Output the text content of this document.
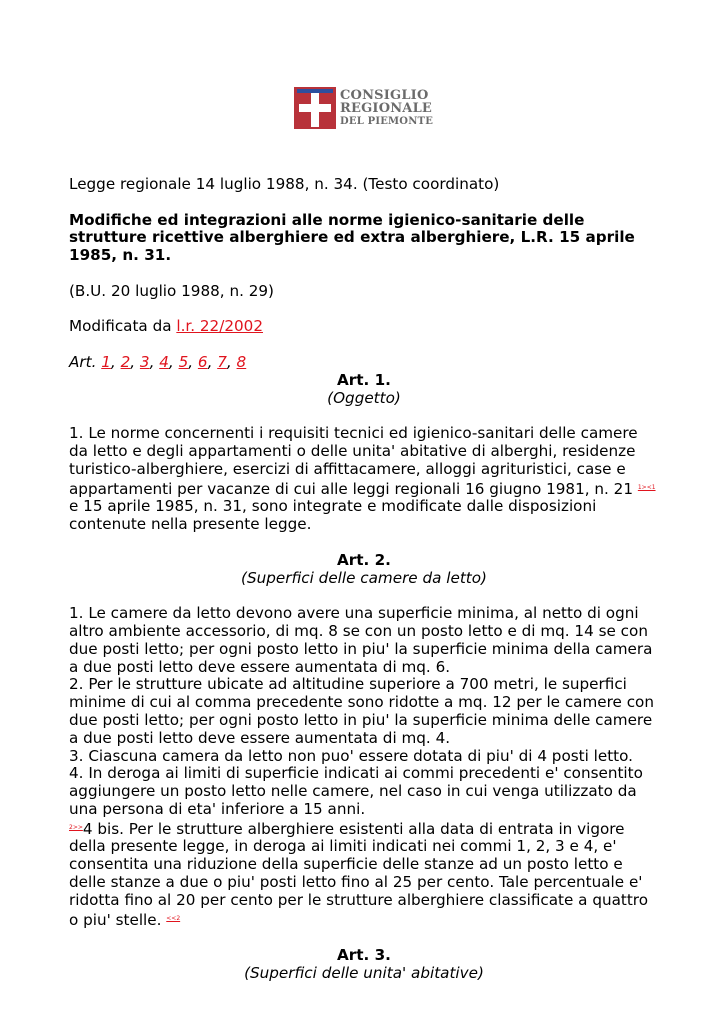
CONSIGLIO
REGIONALE
DEL PIEMONTE

Legge regionale 14 luglio 1988, n. 34. (Testo coordinato)

Modifiche ed integrazioni alle norme igienico-sanitarie delle strutture ricettive alberghiere ed extra alberghiere, L.R. 15 aprile 1985, n. 31.

(B.U. 20 luglio 1988, n. 29)

Modificata da l.r. 22/2002

Art. 1, 2, 3, 4, 5, 6, 7, 8

Art. 1.

(Oggetto)

1. Le norme concernenti i requisiti tecnici ed igienico-sanitari delle camere da letto e degli appartamenti o delle unita' abitative di alberghi, residenze turistico-alberghiere, esercizi di affittacamere, alloggi agrituristici, case e appartamenti per vacanze di cui alle leggi regionali 16 giugno 1981, n. 21 $^{1><1}$ e 15 aprile 1985, n. 31, sono integrate e modificate dalle disposizioni contenute nella presente legge.

Art. 2.

(Superfici delle camere da letto)

1. Le camere da letto devono avere una superficie minima, al netto di ogni altro ambiente accessorio, di mq. 8 se con un posto letto e di mq. 14 se con due posti letto; per ogni posto letto in piu' la superficie minima della camera a due posti letto deve essere aumentata di mq. 6.

2. Per le strutture ubicate ad altitudine superiore a 700 metri, le superfici minime di cui al comma precedente sono ridotte a mq. 12 per le camere con due posti letto; per ogni posto letto in piu' la superficie minima delle camere a due posti letto deve essere aumentata di mq. 4.

3. Ciascuna camera da letto non puo' essere dotata di piu' di 4 posti letto.

4. In deroga ai limiti di superficie indicati ai commi precedenti e' consentito aggiungere un posto letto nelle camere, nel caso in cui venga utilizzato da una persona di eta' inferiore a 15 anni.

$^{2>>}$4 bis. Per le strutture alberghiere esistenti alla data di entrata in vigore della presente legge, in deroga ai limiti indicati nei commi 1, 2, 3 e 4, e' consentita una riduzione della superficie delle stanze ad un posto letto e delle stanze a due o piu' posti letto fino al 25 per cento. Tale percentuale e' ridotta fino al 20 per cento per le strutture alberghiere classificate a quattro o piu' stelle. $^{<<2}$

Art. 3.

(Superfici delle unita' abitative)
